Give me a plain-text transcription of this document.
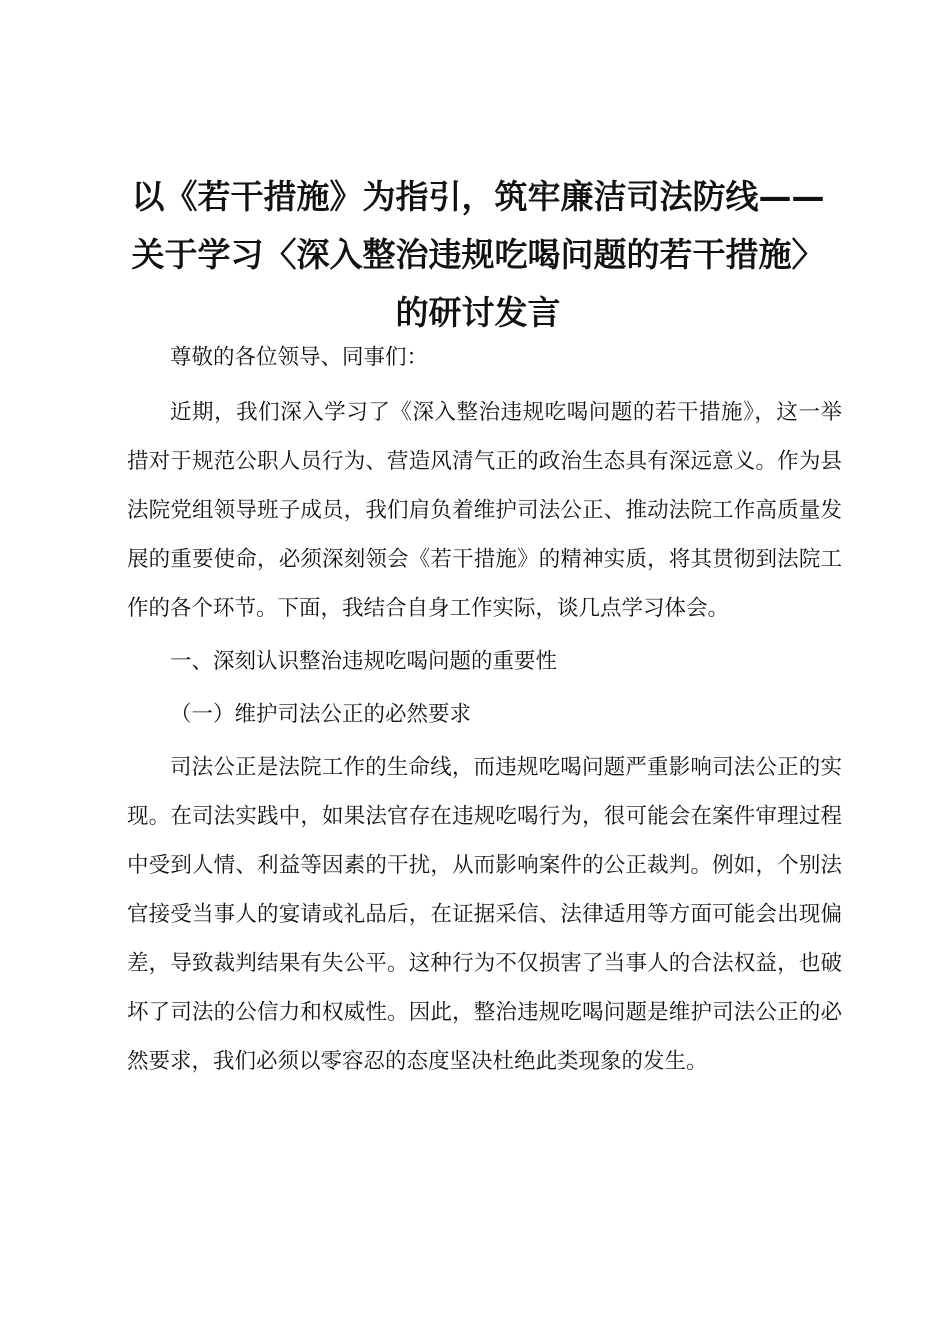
以《若干措施》为指引，筑牢廉洁司法防线——关于学习〈深入整治违规吃喝问题的若干措施〉的研讨发言

尊敬的各位领导、同事们：

近期，我们深入学习了《深入整治违规吃喝问题的若干措施》，这一举措对于规范公职人员行为、营造风清气正的政治生态具有深远意义。作为县法院党组领导班子成员，我们肩负着维护司法公正、推动法院工作高质量发展的重要使命，必须深刻领会《若干措施》的精神实质，将其贯彻到法院工作的各个环节。下面，我结合自身工作实际，谈几点学习体会。

一、深刻认识整治违规吃喝问题的重要性

（一）维护司法公正的必然要求

司法公正是法院工作的生命线，而违规吃喝问题严重影响司法公正的实现。在司法实践中，如果法官存在违规吃喝行为，很可能会在案件审理过程中受到人情、利益等因素的干扰，从而影响案件的公正裁判。例如，个别法官接受当事人的宴请或礼品后，在证据采信、法律适用等方面可能会出现偏差，导致裁判结果有失公平。这种行为不仅损害了当事人的合法权益，也破坏了司法的公信力和权威性。因此，整治违规吃喝问题是维护司法公正的必然要求，我们必须以零容忍的态度坚决杜绝此类现象的发生。
